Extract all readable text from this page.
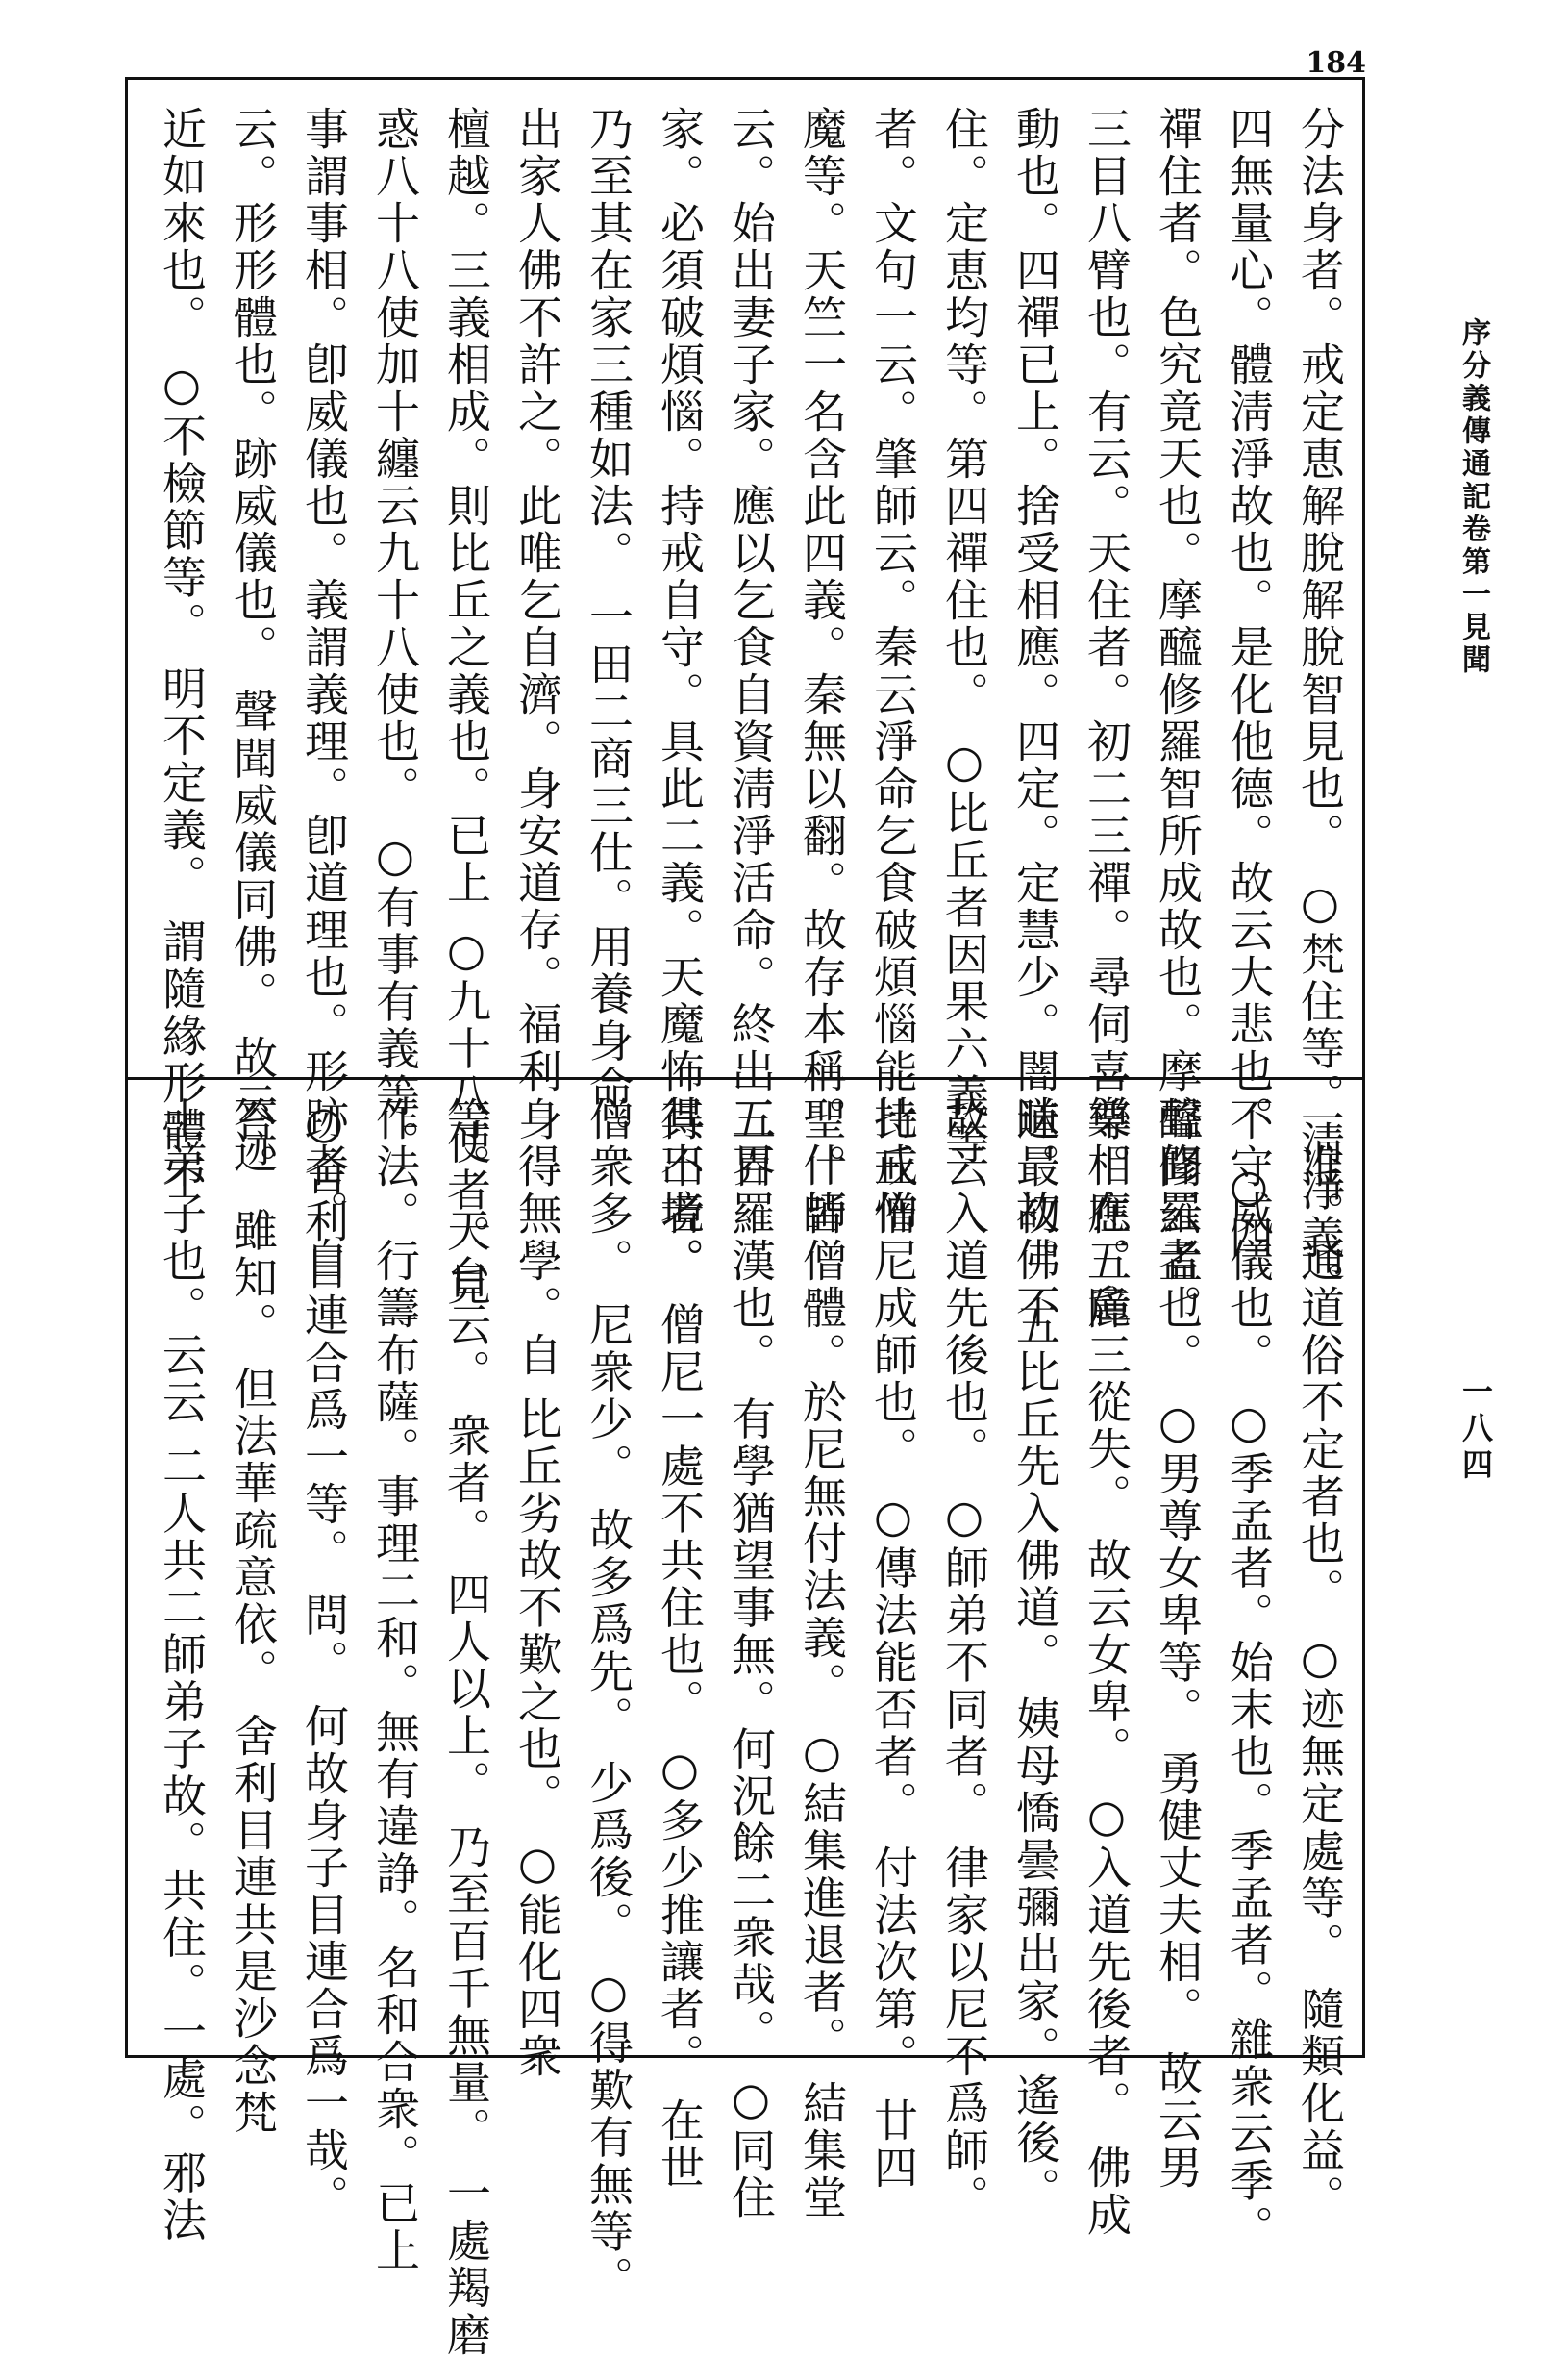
184
序分義傳通記卷第一見聞
一八四
分法身者。戒定恵解脫解脫智見也。 ○梵住等。淸淨義。
四無量心。體淸淨故也。是化他德。故云大悲也。 ○四
禪住者。色究竟天也。摩醯修羅智所成故也。摩醯修羅者。
三目八臂也。有云。天住者。初二三禪。尋伺喜樂相應。麁
動也。四禪已上。捨受相應。四定。定慧少。闇昧。故佛不
住。定恵均等。第四禪住也。 ○比丘者因果六義等
者。文句一云。肇師云。秦云淨命乞食破煩惱能持戒怖
魔等。天竺一名含此四義。秦無以翻。故存本稱。什師
云。始出妻子家。應以乞食自資淸淨活命。終出三界
家。必須破煩惱。持戒自守。具此二義。天魔怖其出境。
乃至其在家三種如法。 一田二商三仕。用養身命。
出家人佛不許之。此唯乞自濟。身安道存。福利
檀越。三義相成。則比丘之義也。已上 ○九十八使者。見
惑八十八使加十纏云九十八使也。 ○有事有義等。
事謂事相。卽威儀也。義謂義理。卽道理也。形跡者。自
云。形形體也。跡威儀也。 聲聞威儀同佛。 故云迹
近如來也。 ○不檢節等。 明不定義。 謂隨緣形體不
一准。通道俗不定者也。 ○迹無定處等。 隨類化益。
不守威儀也。 ○季孟者。始末也。季孟者。雜衆云季。
聲聞云孟也。 ○男尊女卑等。 勇健丈夫相。 故云男
尊。在五障三從失。 故云女卑。 ○入道先後者。 佛成
道最初。 五比丘先入佛道。 姨母憍曇彌出家。遙後。
故云入道先後也。 ○師弟不同者。 律家以尼不爲師。
比丘僧尼成師也。 ○傳法能否者。 付法次第。 廿四
聖。皆僧體。於尼無付法義。 ○結集進退者。 結集堂
五百羅漢也。 有學猶望事無。何況餘二衆哉。 ○同住
得不者。 僧尼一處不共住也。 ○多少推讓者。 在世
僧衆多。 尼衆少。 故多爲先。 少爲後。 ○得歎有無等。
身得無學。自 比丘劣故不歎之也。 ○能化四衆
等。 天台云。 衆者。 四人以上。 乃至百千無量。 一處羯磨
作法。行籌布薩。事理二和。無有違諍。名和合衆。已上
○舍利目連合爲一等。 問。 何故身子目連合爲一哉。
答。 雖知。 但法華疏意依。 舍利目連共是沙念梵
士弟子也。云云 二人共二師弟子故。共住。一處。邪法
